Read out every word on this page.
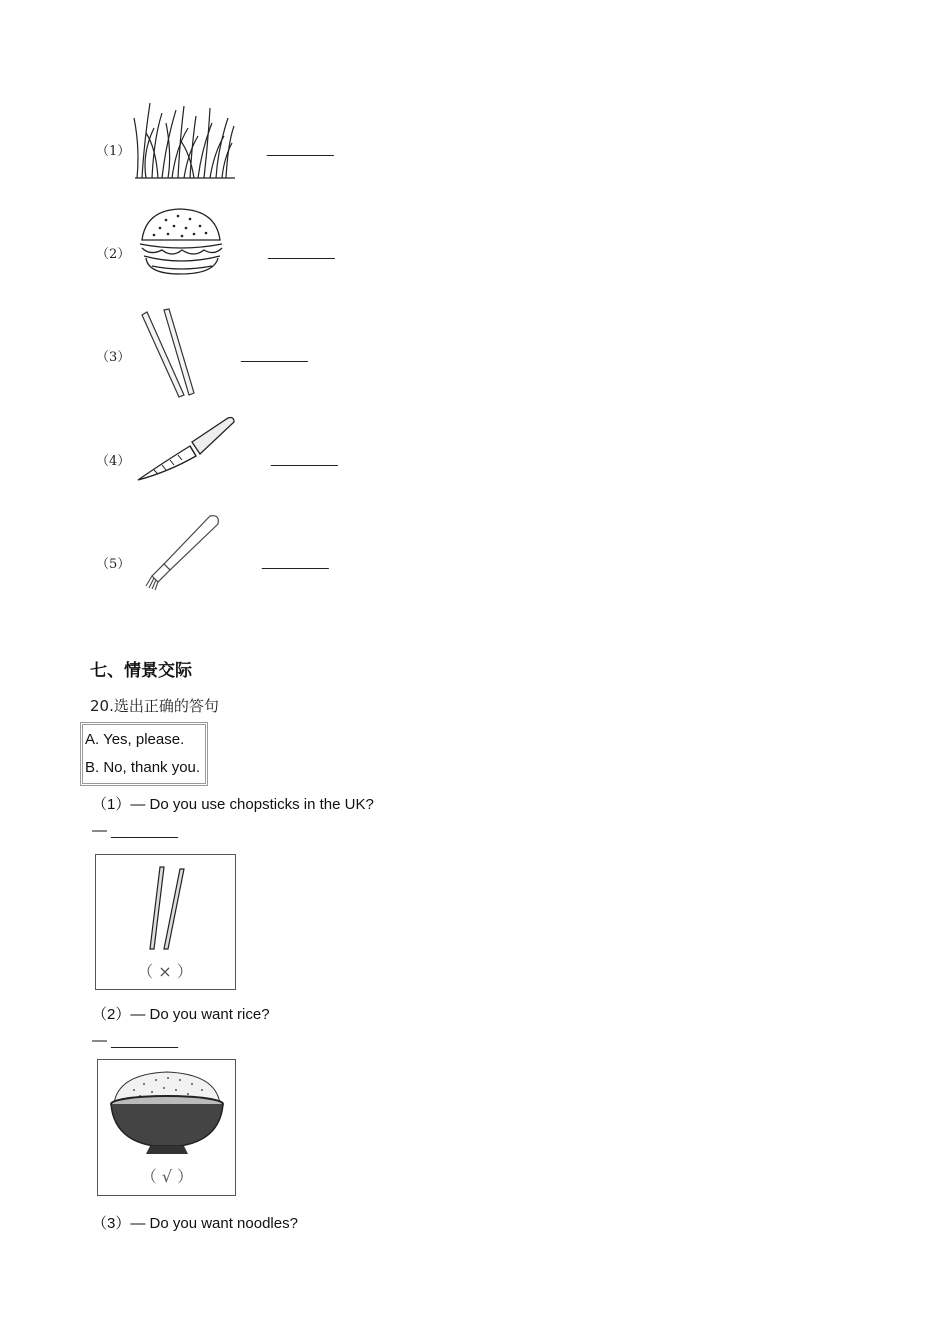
（1）	________
（2）	________
（3）	________
（4）	________
（5）	________
七、情景交际
20.选出正确的答句
A. Yes, please.
B. No, thank you.
（1）— Do you use chopsticks in the UK?
— ________
（ × ）
（2）— Do you want rice?
— ________
（ √ ）
（3）— Do you want noodles?
